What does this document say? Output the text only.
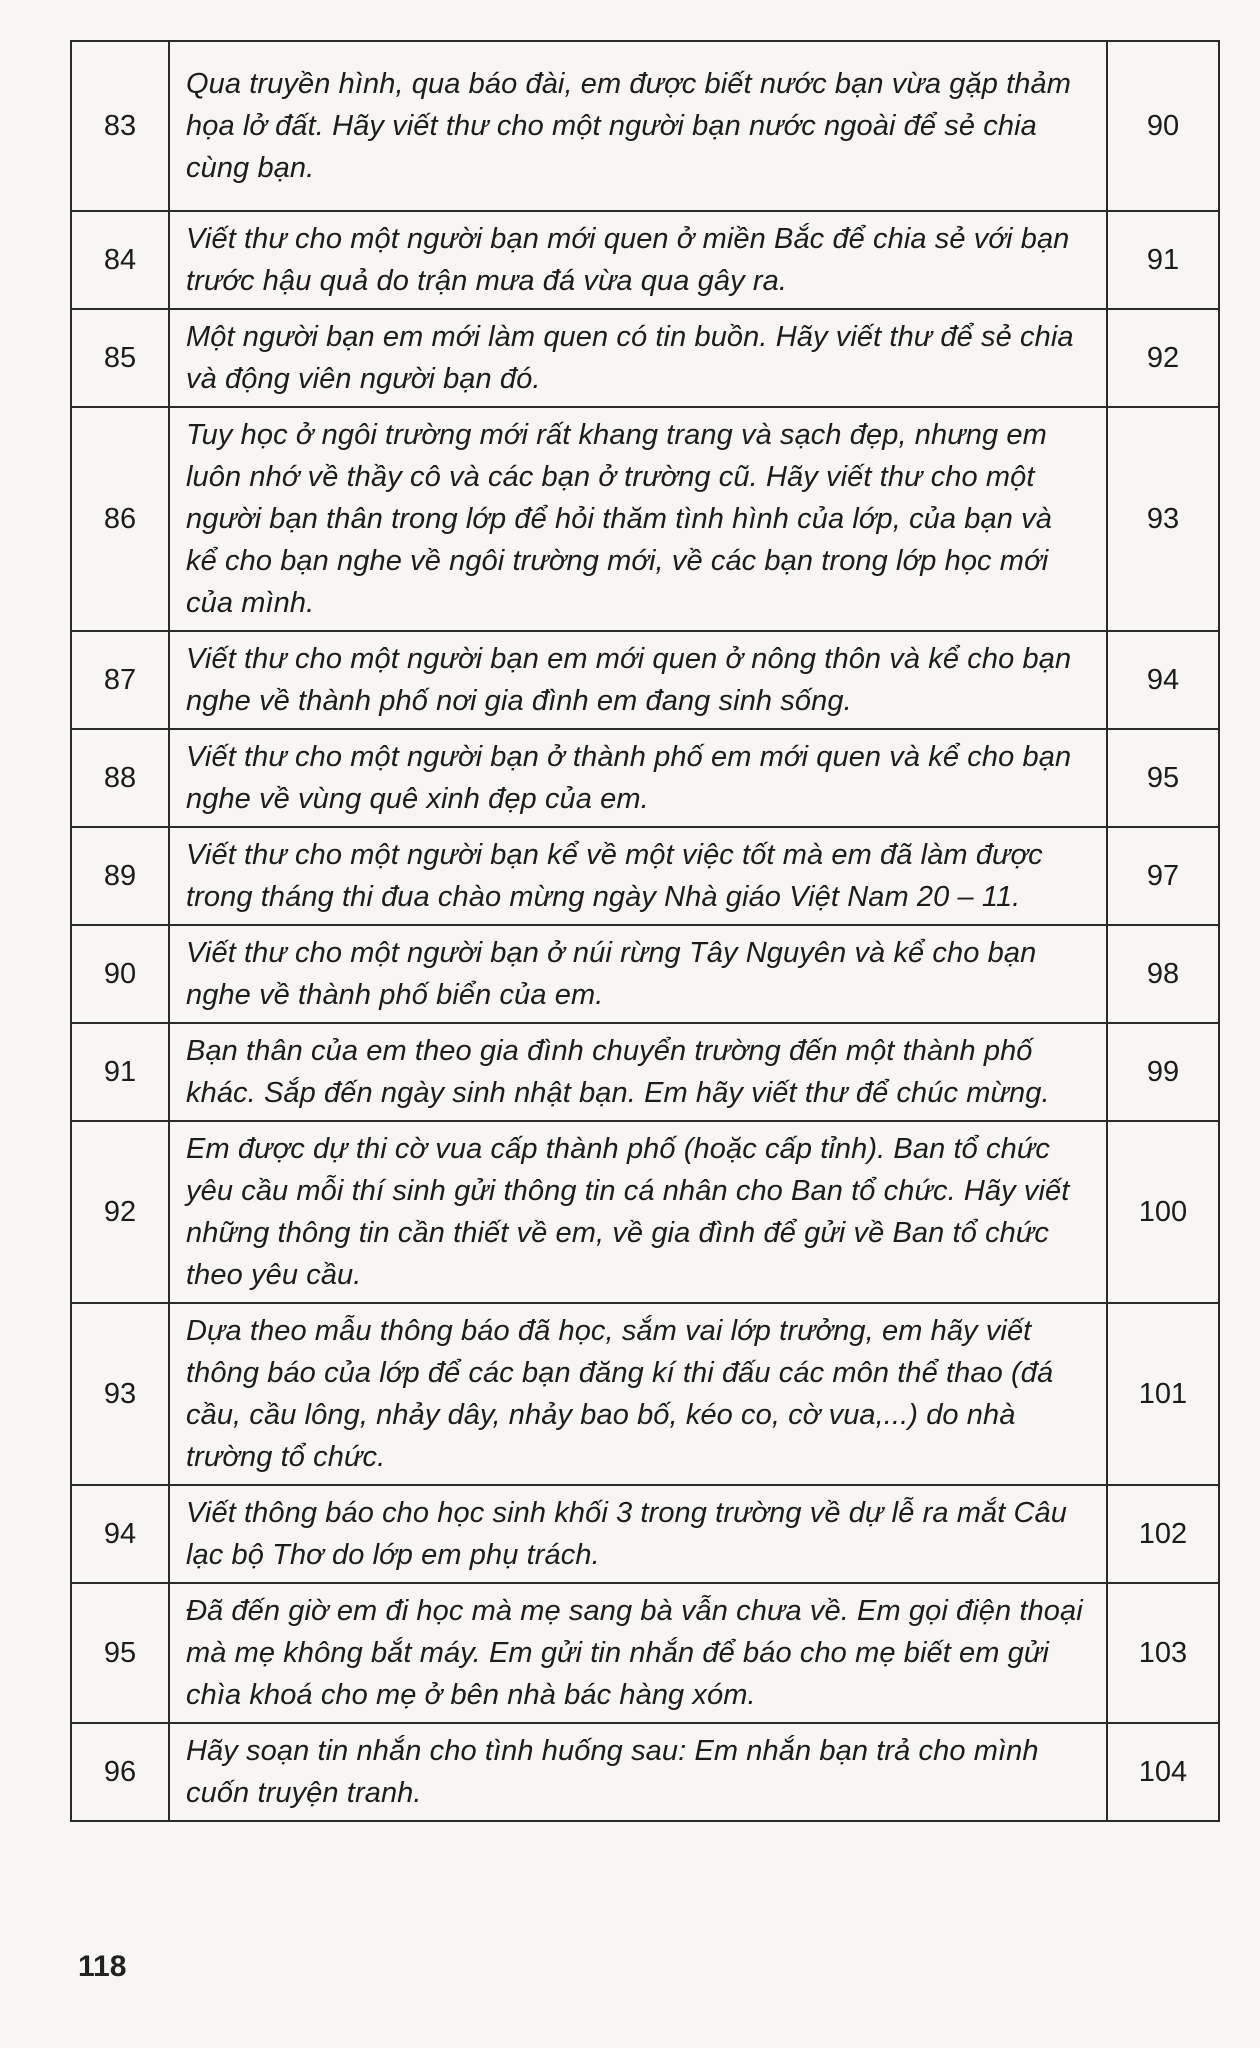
83	Qua truyền hình, qua báo đài, em được biết nước bạn vừa gặp thảm họa lở đất. Hãy viết thư cho một người bạn nước ngoài để sẻ chia cùng bạn.	90
84	Viết thư cho một người bạn mới quen ở miền Bắc để chia sẻ với bạn trước hậu quả do trận mưa đá vừa qua gây ra.	91
85	Một người bạn em mới làm quen có tin buồn. Hãy viết thư để sẻ chia và động viên người bạn đó.	92
86	Tuy học ở ngôi trường mới rất khang trang và sạch đẹp, nhưng em luôn nhớ về thầy cô và các bạn ở trường cũ. Hãy viết thư cho một người bạn thân trong lớp để hỏi thăm tình hình của lớp, của bạn và kể cho bạn nghe về ngôi trường mới, về các bạn trong lớp học mới của mình.	93
87	Viết thư cho một người bạn em mới quen ở nông thôn và kể cho bạn nghe về thành phố nơi gia đình em đang sinh sống.	94
88	Viết thư cho một người bạn ở thành phố em mới quen và kể cho bạn nghe về vùng quê xinh đẹp của em.	95
89	Viết thư cho một người bạn kể về một việc tốt mà em đã làm được trong tháng thi đua chào mừng ngày Nhà giáo Việt Nam 20 – 11.	97
90	Viết thư cho một người bạn ở núi rừng Tây Nguyên và kể cho bạn nghe về thành phố biển của em.	98
91	Bạn thân của em theo gia đình chuyển trường đến một thành phố khác. Sắp đến ngày sinh nhật bạn. Em hãy viết thư để chúc mừng.	99
92	Em được dự thi cờ vua cấp thành phố (hoặc cấp tỉnh). Ban tổ chức yêu cầu mỗi thí sinh gửi thông tin cá nhân cho Ban tổ chức. Hãy viết những thông tin cần thiết về em, về gia đình để gửi về Ban tổ chức theo yêu cầu.	100
93	Dựa theo mẫu thông báo đã học, sắm vai lớp trưởng, em hãy viết thông báo của lớp để các bạn đăng kí thi đấu các môn thể thao (đá cầu, cầu lông, nhảy dây, nhảy bao bố, kéo co, cờ vua,...) do nhà trường tổ chức.	101
94	Viết thông báo cho học sinh khối 3 trong trường về dự lễ ra mắt Câu lạc bộ Thơ do lớp em phụ trách.	102
95	Đã đến giờ em đi học mà mẹ sang bà vẫn chưa về. Em gọi điện thoại mà mẹ không bắt máy. Em gửi tin nhắn để báo cho mẹ biết em gửi chìa khoá cho mẹ ở bên nhà bác hàng xóm.	103
96	Hãy soạn tin nhắn cho tình huống sau: Em nhắn bạn trả cho mình cuốn truyện tranh.	104
118
